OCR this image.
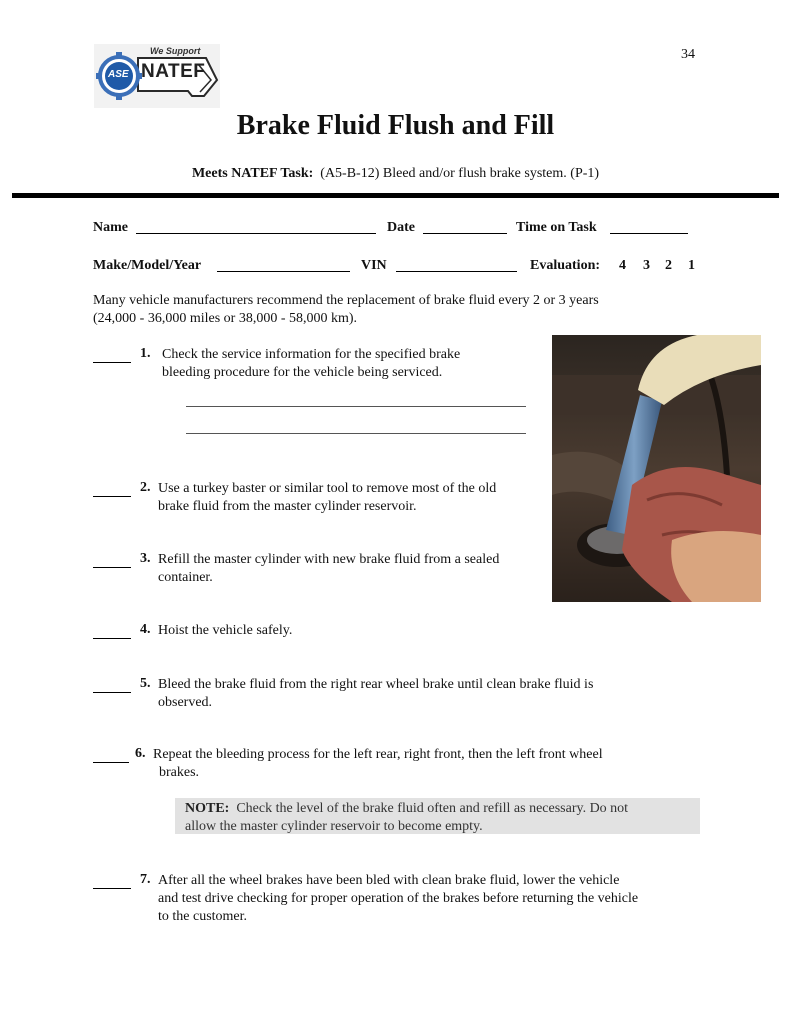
34
We Support
ASE NATEF
Brake Fluid Flush and Fill
Meets NATEF Task: (A5-B-12) Bleed and/or flush brake system. (P-1)
Name	Date	Time on Task
Make/Model/Year	VIN	Evaluation: 4 3 2 1
Many vehicle manufacturers recommend the replacement of brake fluid every 2 or 3 years
(24,000 - 36,000 miles or 38,000 - 58,000 km).
1. Check the service information for the specified brake
bleeding procedure for the vehicle being serviced.
2. Use a turkey baster or similar tool to remove most of the old
brake fluid from the master cylinder reservoir.
3. Refill the master cylinder with new brake fluid from a sealed
container.
4. Hoist the vehicle safely.
5. Bleed the brake fluid from the right rear wheel brake until clean brake fluid is
observed.
6. Repeat the bleeding process for the left rear, right front, then the left front wheel
brakes.
NOTE: Check the level of the brake fluid often and refill as necessary. Do not
allow the master cylinder reservoir to become empty.
7. After all the wheel brakes have been bled with clean brake fluid, lower the vehicle
and test drive checking for proper operation of the brakes before returning the vehicle
to the customer.
